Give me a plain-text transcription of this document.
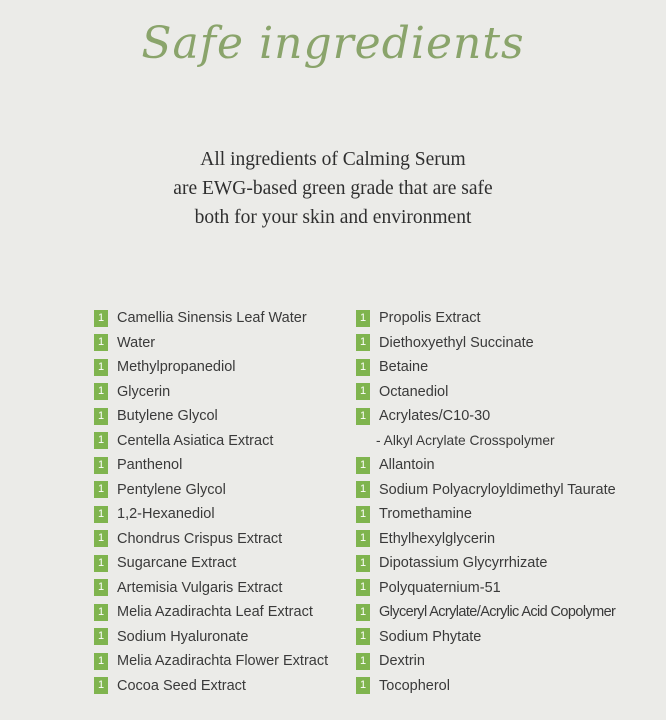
Safe ingredients
All ingredients of Calming Serum
are EWG-based green grade that are safe
both for your skin and environment
1 Camellia Sinensis Leaf Water
1 Water
1 Methylpropanediol
1 Glycerin
1 Butylene Glycol
1 Centella Asiatica Extract
1 Panthenol
1 Pentylene Glycol
1 1,2-Hexanediol
1 Chondrus Crispus Extract
1 Sugarcane Extract
1 Artemisia Vulgaris Extract
1 Melia Azadirachta Leaf Extract
1 Sodium Hyaluronate
1 Melia Azadirachta Flower Extract
1 Cocoa Seed Extract
1 Propolis Extract
1 Diethoxyethyl Succinate
1 Betaine
1 Octanediol
1 Acrylates/C10-30
- Alkyl Acrylate Crosspolymer
1 Allantoin
1 Sodium Polyacryloyldimethyl Taurate
1 Tromethamine
1 Ethylhexylglycerin
1 Dipotassium Glycyrrhizate
1 Polyquaternium-51
1 Glyceryl Acrylate/Acrylic Acid Copolymer
1 Sodium Phytate
1 Dextrin
1 Tocopherol
